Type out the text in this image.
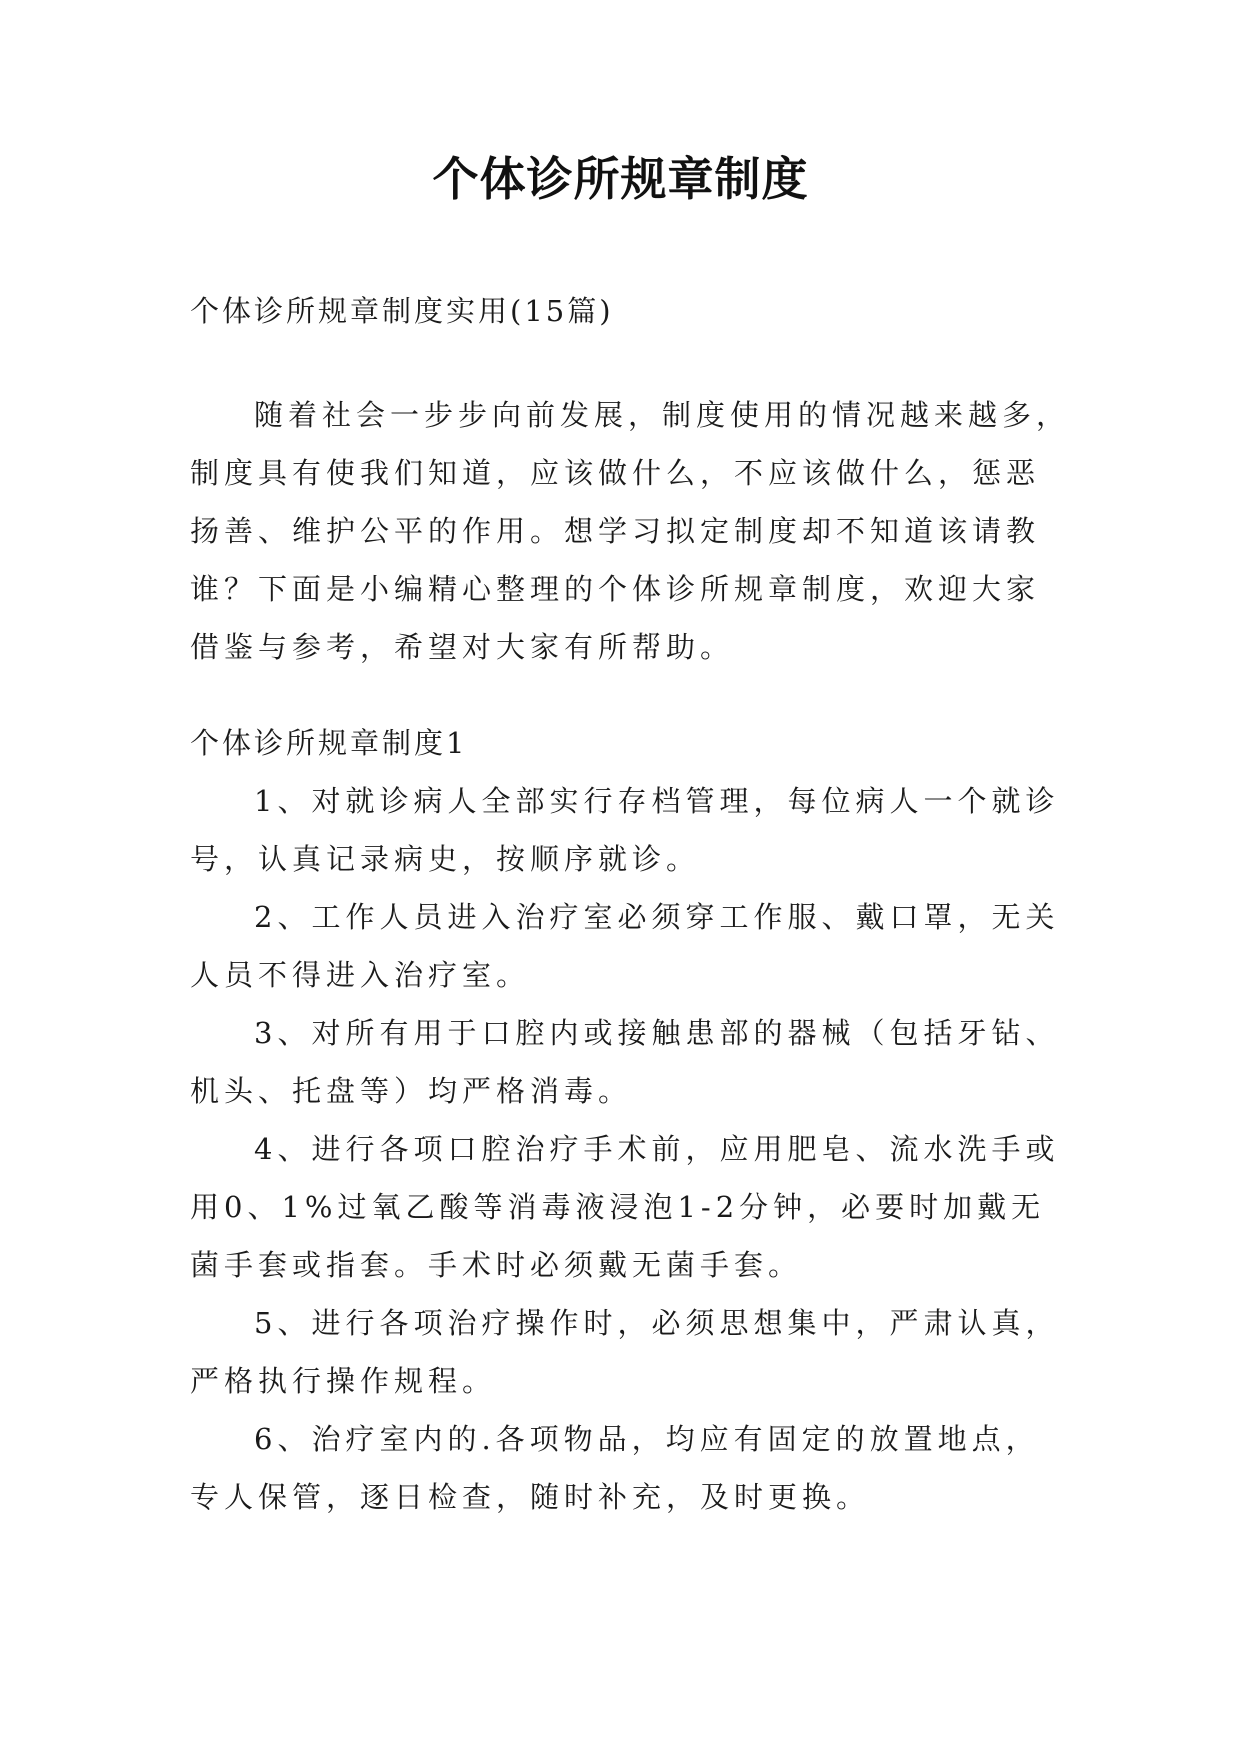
个体诊所规章制度

个体诊所规章制度实用(15篇)

随着社会一步步向前发展，制度使用的情况越来越多，制度具有使我们知道，应该做什么，不应该做什么，惩恶扬善、维护公平的作用。想学习拟定制度却不知道该请教谁？下面是小编精心整理的个体诊所规章制度，欢迎大家借鉴与参考，希望对大家有所帮助。

个体诊所规章制度1

1、对就诊病人全部实行存档管理，每位病人一个就诊号，认真记录病史，按顺序就诊。

2、工作人员进入治疗室必须穿工作服、戴口罩，无关人员不得进入治疗室。

3、对所有用于口腔内或接触患部的器械（包括牙钻、机头、托盘等）均严格消毒。

4、进行各项口腔治疗手术前，应用肥皂、流水洗手或用0、1%过氧乙酸等消毒液浸泡1-2分钟，必要时加戴无菌手套或指套。手术时必须戴无菌手套。

5、进行各项治疗操作时，必须思想集中，严肃认真，严格执行操作规程。

6、治疗室内的.各项物品，均应有固定的放置地点，专人保管，逐日检查，随时补充，及时更换。
